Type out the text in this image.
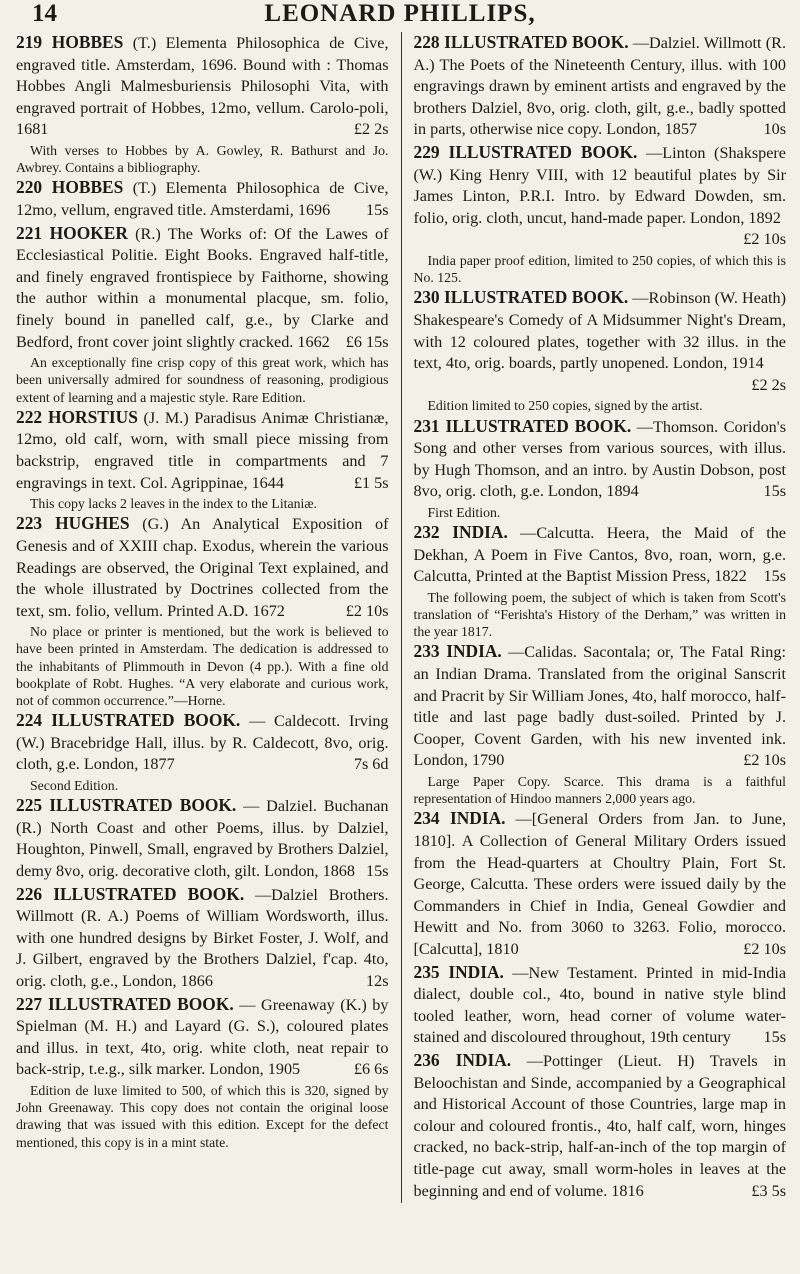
LEONARD PHILLIPS,
14
219 HOBBES (T.) Elementa Philosophica de Cive, engraved title. Amsterdam, 1696. Bound with : Thomas Hobbes Angli Malmesburiensis Philosophi Vita, with engraved portrait of Hobbes, 12mo, vellum. Carolo-poli, 1681	£2 2s
With verses to Hobbes by A. Gowley, R. Bathurst and Jo. Awbrey. Contains a bibliography.
220 HOBBES (T.) Elementa Philosophica de Cive, 12mo, vellum, engraved title. Amsterdami, 1696 15s
221 HOOKER (R.) The Works of: Of the Lawes of Ecclesiastical Politie. Eight Books. Engraved half-title, and finely engraved frontispiece by Faithorne, showing the author within a monumental placque, sm. folio, finely bound in panelled calf, g.e., by Clarke and Bedford, front cover joint slightly cracked. 1662 £6 15s
An exceptionally fine crisp copy of this great work, which has been universally admired for soundness of reasoning, prodigious extent of learning and a majestic style. Rare Edition.
222 HORSTIUS (J. M.) Paradisus Animæ Christianæ, 12mo, old calf, worn, with small piece missing from backstrip, engraved title in compartments and 7 engravings in text. Col. Agrippinae, 1644	£1 5s
This copy lacks 2 leaves in the index to the Litaniæ.
223 HUGHES (G.) An Analytical Exposition of Genesis and of XXIII chap. Exodus, wherein the various Readings are observed, the Original Text explained, and the whole illustrated by Doctrines collected from the text, sm. folio, vellum. Printed A.D. 1672	£2 10s
No place or printer is mentioned, but the work is believed to have been printed in Amsterdam. The dedication is addressed to the inhabitants of Plimmouth in Devon (4 pp.). With a fine old bookplate of Robt. Hughes. “A very elaborate and curious work, not of common occurrence.”—Horne.
224 ILLUSTRATED BOOK. — Caldecott. Irving (W.) Bracebridge Hall, illus. by R. Caldecott, 8vo, orig. cloth, g.e. London, 1877	7s 6d
Second Edition.
225 ILLUSTRATED BOOK. — Dalziel. Buchanan (R.) North Coast and other Poems, illus. by Dalziel, Houghton, Pinwell, Small, engraved by Brothers Dalziel, demy 8vo, orig. decorative cloth, gilt. London, 1868 15s
226 ILLUSTRATED BOOK. —Dalziel Brothers. Willmott (R. A.) Poems of William Wordsworth, illus. with one hundred designs by Birket Foster, J. Wolf, and J. Gilbert, engraved by the Brothers Dalziel, f'cap. 4to, orig. cloth, g.e., London, 1866	12s
227 ILLUSTRATED BOOK. — Greenaway (K.) by Spielman (M. H.) and Layard (G. S.), coloured plates and illus. in text, 4to, orig. white cloth, neat repair to back-strip, t.e.g., silk marker. London, 1905	£6 6s
Edition de luxe limited to 500, of which this is 320, signed by John Greenaway. This copy does not contain the original loose drawing that was issued with this edition. Except for the defect mentioned, this copy is in a mint state.
228 ILLUSTRATED BOOK. —Dalziel. Willmott (R. A.) The Poets of the Nineteenth Century, illus. with 100 engravings drawn by eminent artists and engraved by the brothers Dalziel, 8vo, orig. cloth, gilt, g.e., badly spotted in parts, otherwise nice copy. London, 1857	10s
229 ILLUSTRATED BOOK. —Linton (Shakspere (W.) King Henry VIII, with 12 beautiful plates by Sir James Linton, P.R.I. Intro. by Edward Dowden, sm. folio, orig. cloth, uncut, hand-made paper. London, 1892
£2 10s
India paper proof edition, limited to 250 copies, of which this is No. 125.
230 ILLUSTRATED BOOK. —Robinson (W. Heath) Shakespeare's Comedy of A Midsummer Night's Dream, with 12 coloured plates, together with 32 illus. in the text, 4to, orig. boards, partly unopened. London, 1914
£2 2s
Edition limited to 250 copies, signed by the artist.
231 ILLUSTRATED BOOK. —Thomson. Coridon's Song and other verses from various sources, with illus. by Hugh Thomson, and an intro. by Austin Dobson, post 8vo, orig. cloth, g.e. London, 1894	15s
First Edition.
232 INDIA. —Calcutta. Heera, the Maid of the Dekhan, A Poem in Five Cantos, 8vo, roan, worn, g.e. Calcutta, Printed at the Baptist Mission Press, 1822 15s
The following poem, the subject of which is taken from Scott's translation of “Ferishta's History of the Derham,” was written in the year 1817.
233 INDIA. —Calidas. Sacontala; or, The Fatal Ring: an Indian Drama. Translated from the original Sanscrit and Pracrit by Sir William Jones, 4to, half morocco, half-title and last page badly dust-soiled. Printed by J. Cooper, Covent Garden, with his new invented ink. London, 1790	£2 10s
Large Paper Copy. Scarce. This drama is a faithful representation of Hindoo manners 2,000 years ago.
234 INDIA. —[General Orders from Jan. to June, 1810]. A Collection of General Military Orders issued from the Head-quarters at Choultry Plain, Fort St. George, Calcutta. These orders were issued daily by the Commanders in Chief in India, Geneal Gowdier and Hewitt and No. from 3060 to 3263. Folio, morocco. [Calcutta], 1810	£2 10s
235 INDIA. —New Testament. Printed in mid-India dialect, double col., 4to, bound in native style blind tooled leather, worn, head corner of volume water-stained and discoloured throughout, 19th century 15s
236 INDIA. —Pottinger (Lieut. H) Travels in Beloochistan and Sinde, accompanied by a Geographical and Historical Account of those Countries, large map in colour and coloured frontis., 4to, half calf, worn, hinges cracked, no back-strip, half-an-inch of the top margin of title-page cut away, small worm-holes in leaves at the beginning and end of volume. 1816	£3 5s
